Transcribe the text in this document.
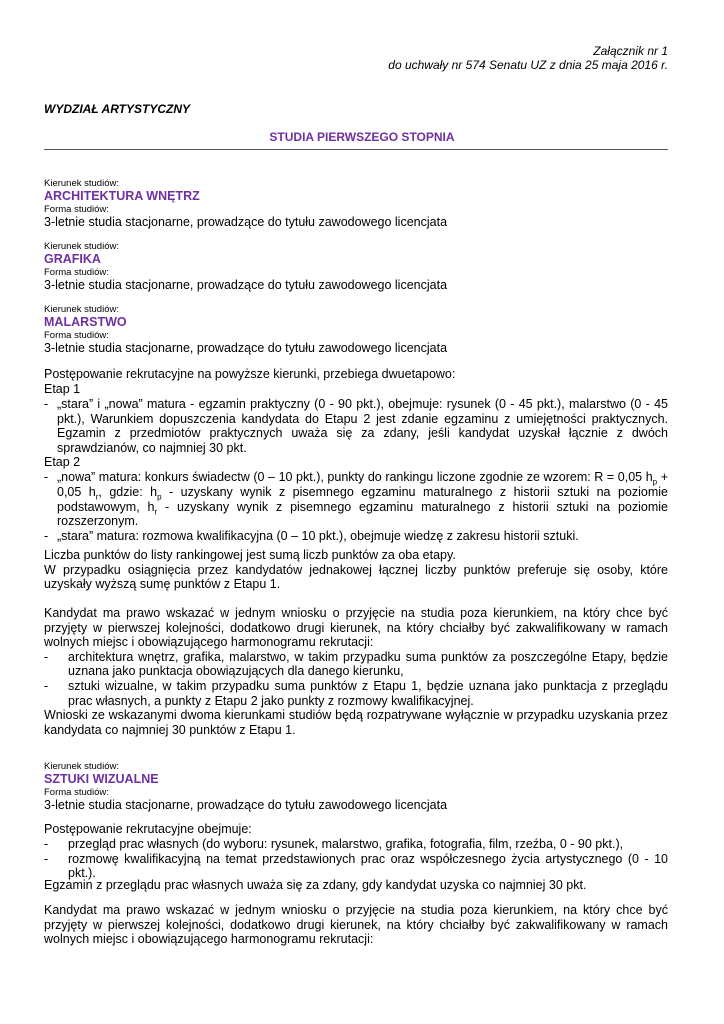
Załącznik nr 1
do uchwały nr 574 Senatu UZ z dnia 25 maja 2016 r.
WYDZIAŁ ARTYSTYCZNY
STUDIA PIERWSZEGO STOPNIA
Kierunek studiów:
ARCHITEKTURA WNĘTRZ
Forma studiów:
3-letnie studia stacjonarne, prowadzące do tytułu zawodowego licencjata
Kierunek studiów:
GRAFIKA
Forma studiów:
3-letnie studia stacjonarne, prowadzące do tytułu zawodowego licencjata
Kierunek studiów:
MALARSTWO
Forma studiów:
3-letnie studia stacjonarne, prowadzące do tytułu zawodowego licencjata
Postępowanie rekrutacyjne na powyższe kierunki, przebiega dwuetapowo:
Etap 1
- „stara” i „nowa” matura - egzamin praktyczny (0 - 90 pkt.), obejmuje: rysunek (0 - 45 pkt.), malarstwo (0 - 45 pkt.), Warunkiem dopuszczenia kandydata do Etapu 2 jest zdanie egzaminu z umiejętności praktycznych. Egzamin z przedmiotów praktycznych uważa się za zdany, jeśli kandydat uzyskał łącznie z dwóch sprawdzianów, co najmniej 30 pkt.
Etap 2
- „nowa” matura: konkurs świadectw (0 – 10 pkt.), punkty do rankingu liczone zgodnie ze wzorem: R = 0,05 $h_p + 0,05$ $h_r$, gdzie: $h_p$ - uzyskany wynik z pisemnego egzaminu maturalnego z historii sztuki na poziomie podstawowym, $h_r$ - uzyskany wynik z pisemnego egzaminu maturalnego z historii sztuki na poziomie rozszerzonym.
- „stara” matura: rozmowa kwalifikacyjna (0 – 10 pkt.), obejmuje wiedzę z zakresu historii sztuki.
Liczba punktów do listy rankingowej jest sumą liczb punktów za oba etapy.
W przypadku osiągnięcia przez kandydatów jednakowej łącznej liczby punktów preferuje się osoby, które uzyskały wyższą sumę punktów z Etapu 1.
Kandydat ma prawo wskazać w jednym wniosku o przyjęcie na studia poza kierunkiem, na który chce być przyjęty w pierwszej kolejności, dodatkowo drugi kierunek, na który chciałby być zakwalifikowany w ramach wolnych miejsc i obowiązującego harmonogramu rekrutacji:
- architektura wnętrz, grafika, malarstwo, w takim przypadku suma punktów za poszczególne Etapy, będzie uznana jako punktacja obowiązujących dla danego kierunku,
- sztuki wizualne, w takim przypadku suma punktów z Etapu 1, będzie uznana jako punktacja z przeglądu prac własnych, a punkty z Etapu 2 jako punkty z rozmowy kwalifikacyjnej.
Wnioski ze wskazanymi dwoma kierunkami studiów będą rozpatrywane wyłącznie w przypadku uzyskania przez kandydata co najmniej 30 punktów z Etapu 1.
Kierunek studiów:
SZTUKI WIZUALNE
Forma studiów:
3-letnie studia stacjonarne, prowadzące do tytułu zawodowego licencjata
Postępowanie rekrutacyjne obejmuje:
- przegląd prac własnych (do wyboru: rysunek, malarstwo, grafika, fotografia, film, rzeźba, 0 - 90 pkt.),
- rozmowę kwalifikacyjną na temat przedstawionych prac oraz współczesnego życia artystycznego (0 - 10 pkt.).
Egzamin z przeglądu prac własnych uważa się za zdany, gdy kandydat uzyska co najmniej 30 pkt.
Kandydat ma prawo wskazać w jednym wniosku o przyjęcie na studia poza kierunkiem, na który chce być przyjęty w pierwszej kolejności, dodatkowo drugi kierunek, na który chciałby być zakwalifikowany w ramach wolnych miejsc i obowiązującego harmonogramu rekrutacji:
